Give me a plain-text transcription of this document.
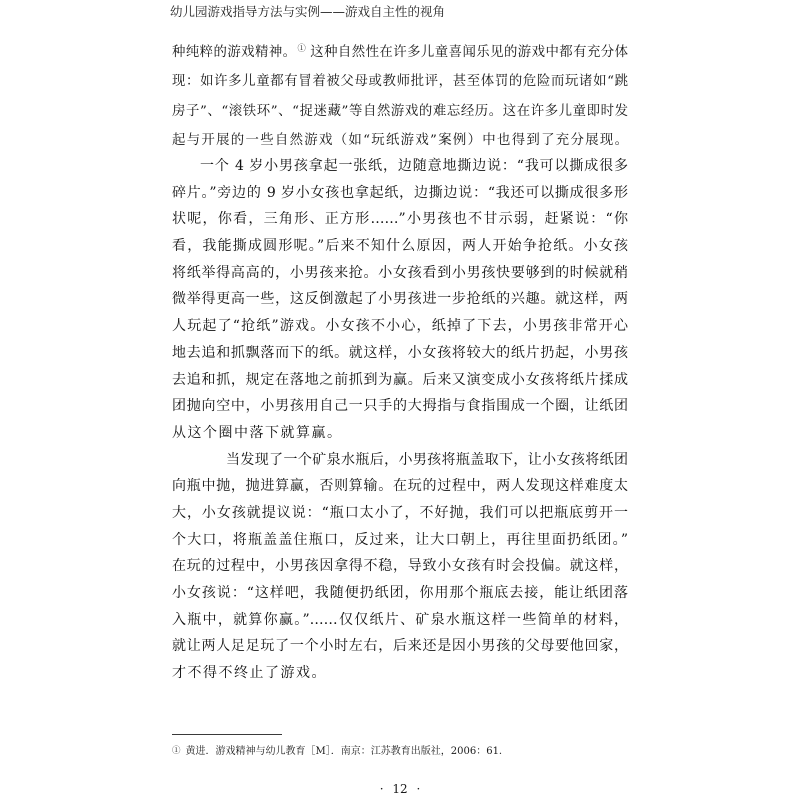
幼儿园游戏指导方法与实例——游戏自主性的视角
种纯粹的游戏精神。① 这种自然性在许多儿童喜闻乐见的游戏中都有充分体
现：如许多儿童都有冒着被父母或教师批评，甚至体罚的危险而玩诸如“跳
房子”、“滚铁环”、“捉迷藏”等自然游戏的难忘经历。这在许多儿童即时发
起与开展的一些自然游戏（如“玩纸游戏”案例）中也得到了充分展现。
一个 4 岁小男孩拿起一张纸，边随意地撕边说：“我可以撕成很多
碎片。”旁边的 9 岁小女孩也拿起纸，边撕边说：“我还可以撕成很多形
状呢，你看，三角形、正方形……”小男孩也不甘示弱，赶紧说：“你
看，我能撕成圆形呢。”后来不知什么原因，两人开始争抢纸。小女孩
将纸举得高高的，小男孩来抢。小女孩看到小男孩快要够到的时候就稍
微举得更高一些，这反倒激起了小男孩进一步抢纸的兴趣。就这样，两
人玩起了“抢纸”游戏。小女孩不小心，纸掉了下去，小男孩非常开心
地去追和抓飘落而下的纸。就这样，小女孩将较大的纸片扔起，小男孩
去追和抓，规定在落地之前抓到为赢。后来又演变成小女孩将纸片揉成
团抛向空中，小男孩用自己一只手的大拇指与食指围成一个圈，让纸团
从这个圈中落下就算赢。
当发现了一个矿泉水瓶后，小男孩将瓶盖取下，让小女孩将纸团
向瓶中抛，抛进算赢，否则算输。在玩的过程中，两人发现这样难度太
大，小女孩就提议说：“瓶口太小了，不好抛，我们可以把瓶底剪开一
个大口，将瓶盖盖住瓶口，反过来，让大口朝上，再往里面扔纸团。”
在玩的过程中，小男孩因拿得不稳，导致小女孩有时会投偏。就这样，
小女孩说：“这样吧，我随便扔纸团，你用那个瓶底去接，能让纸团落
入瓶中，就算你赢。”……仅仅纸片、矿泉水瓶这样一些简单的材料，
就让两人足足玩了一个小时左右，后来还是因小男孩的父母要他回家，
才不得不终止了游戏。
① 黄进．游戏精神与幼儿教育［M］．南京：江苏教育出版社，2006：61.
· 12 ·
